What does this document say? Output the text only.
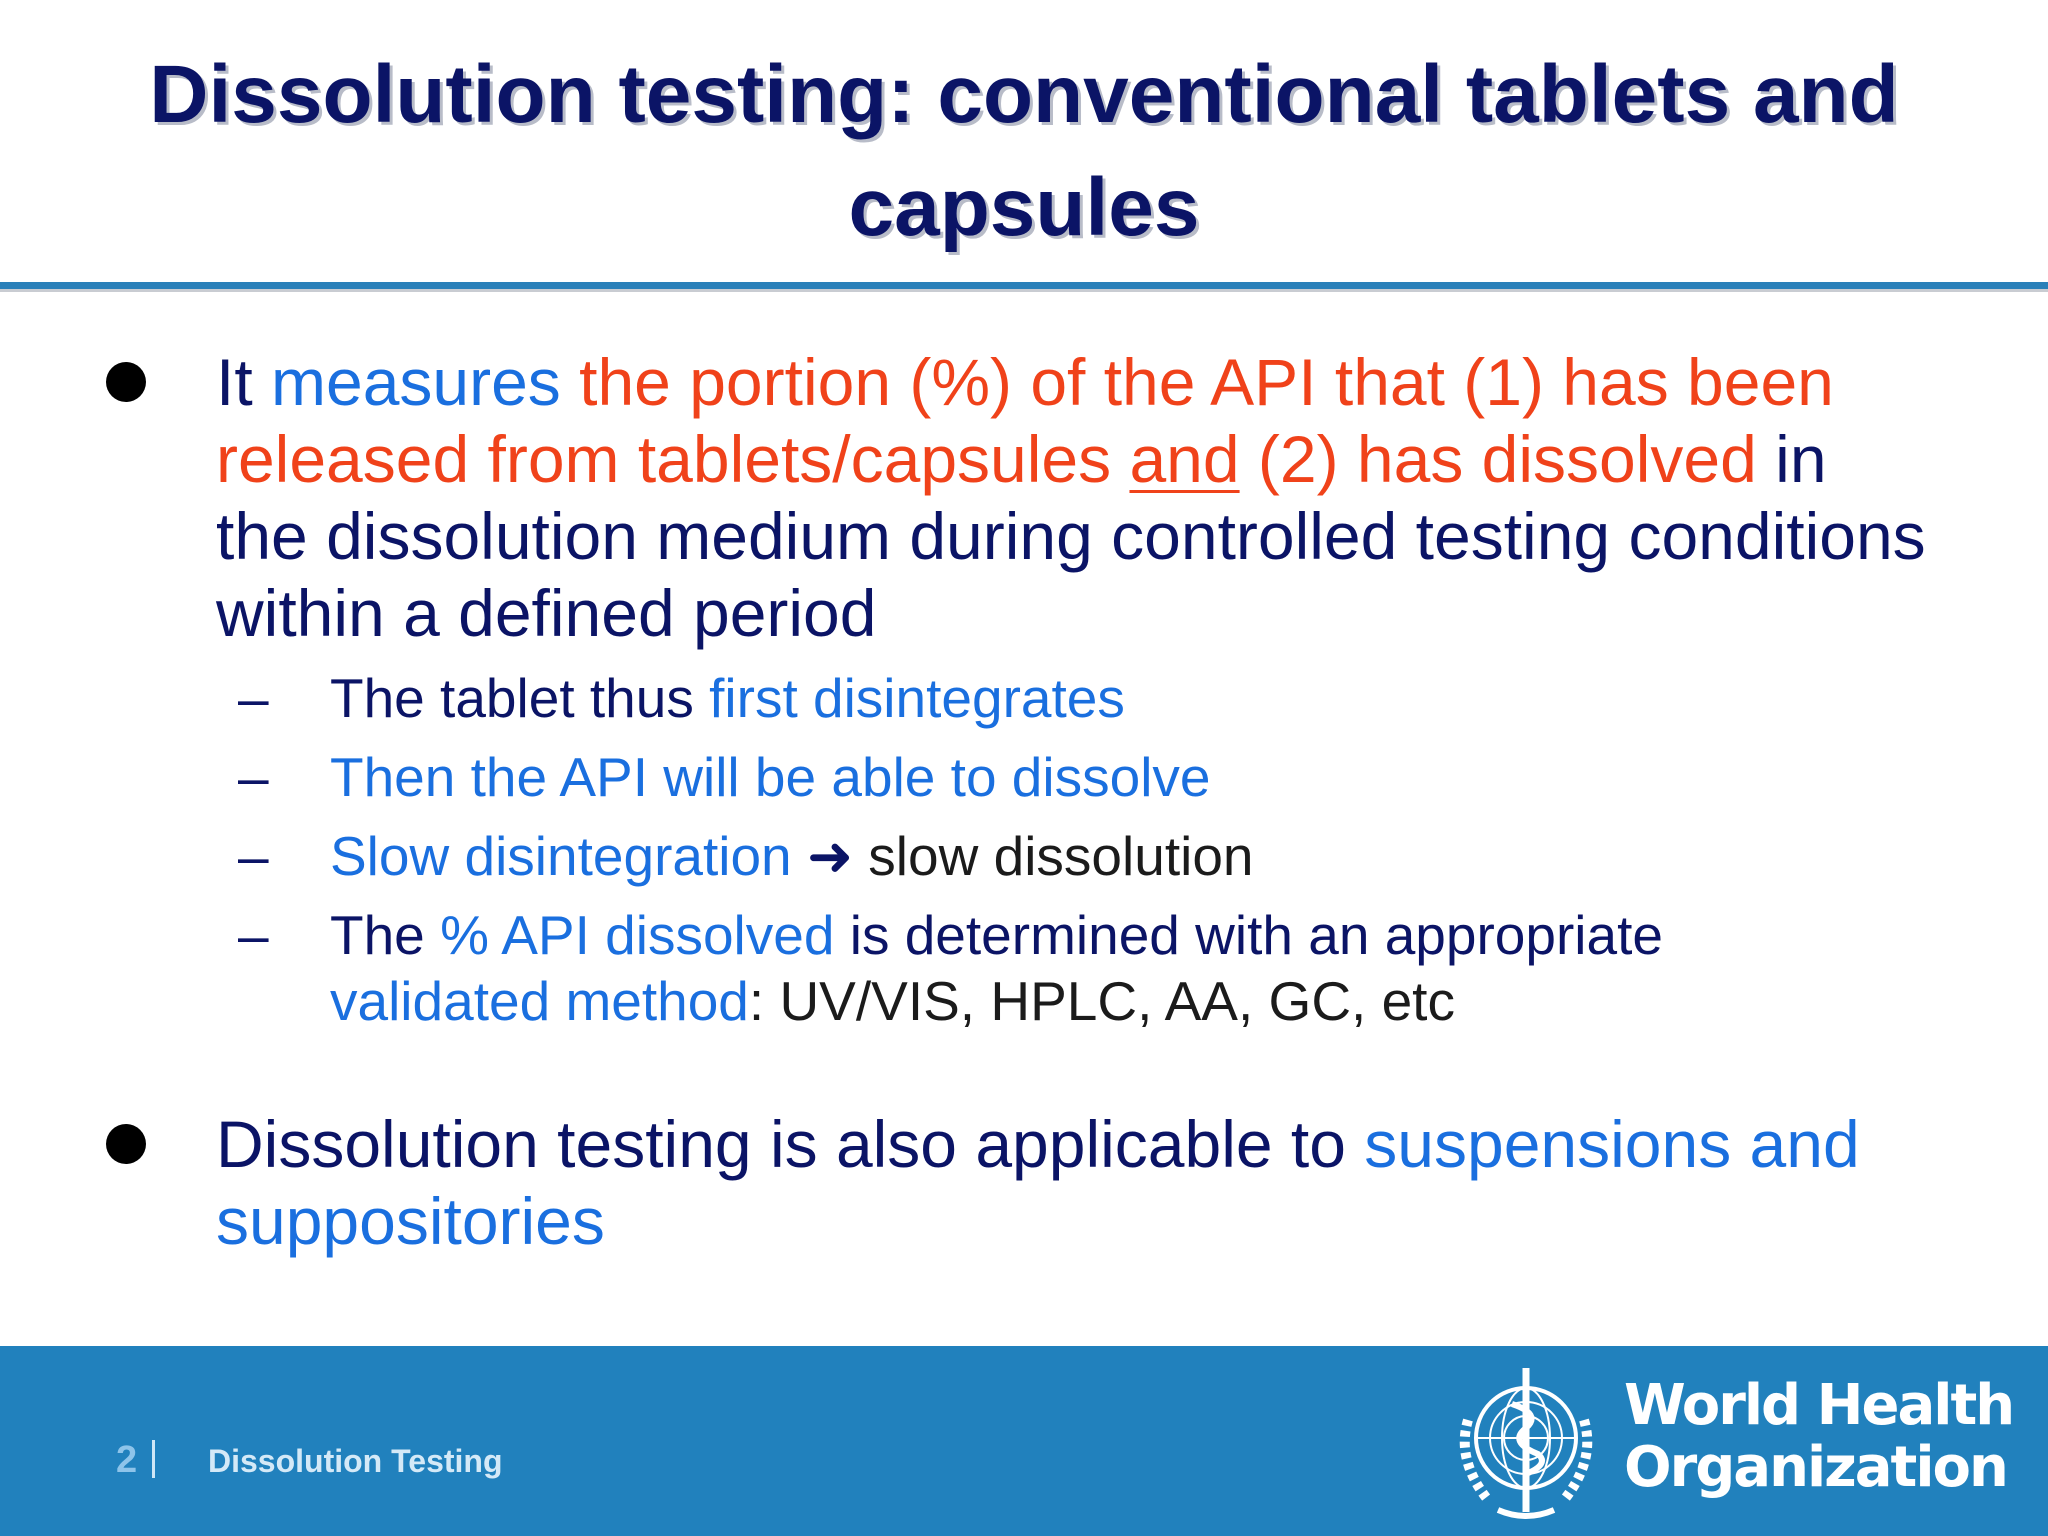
Dissolution testing: conventional tablets and capsules

It measures the portion (%) of the API that (1) has been released from tablets/capsules and (2) has dissolved in the dissolution medium during controlled testing conditions within a defined period

– The tablet thus first disintegrates

– Then the API will be able to dissolve

– Slow disintegration ➜ slow dissolution

– The % API dissolved is determined with an appropriate validated method: UV/VIS, HPLC, AA, GC, etc

Dissolution testing is also applicable to suspensions and suppositories

2 Dissolution Testing
World Health
Organization
